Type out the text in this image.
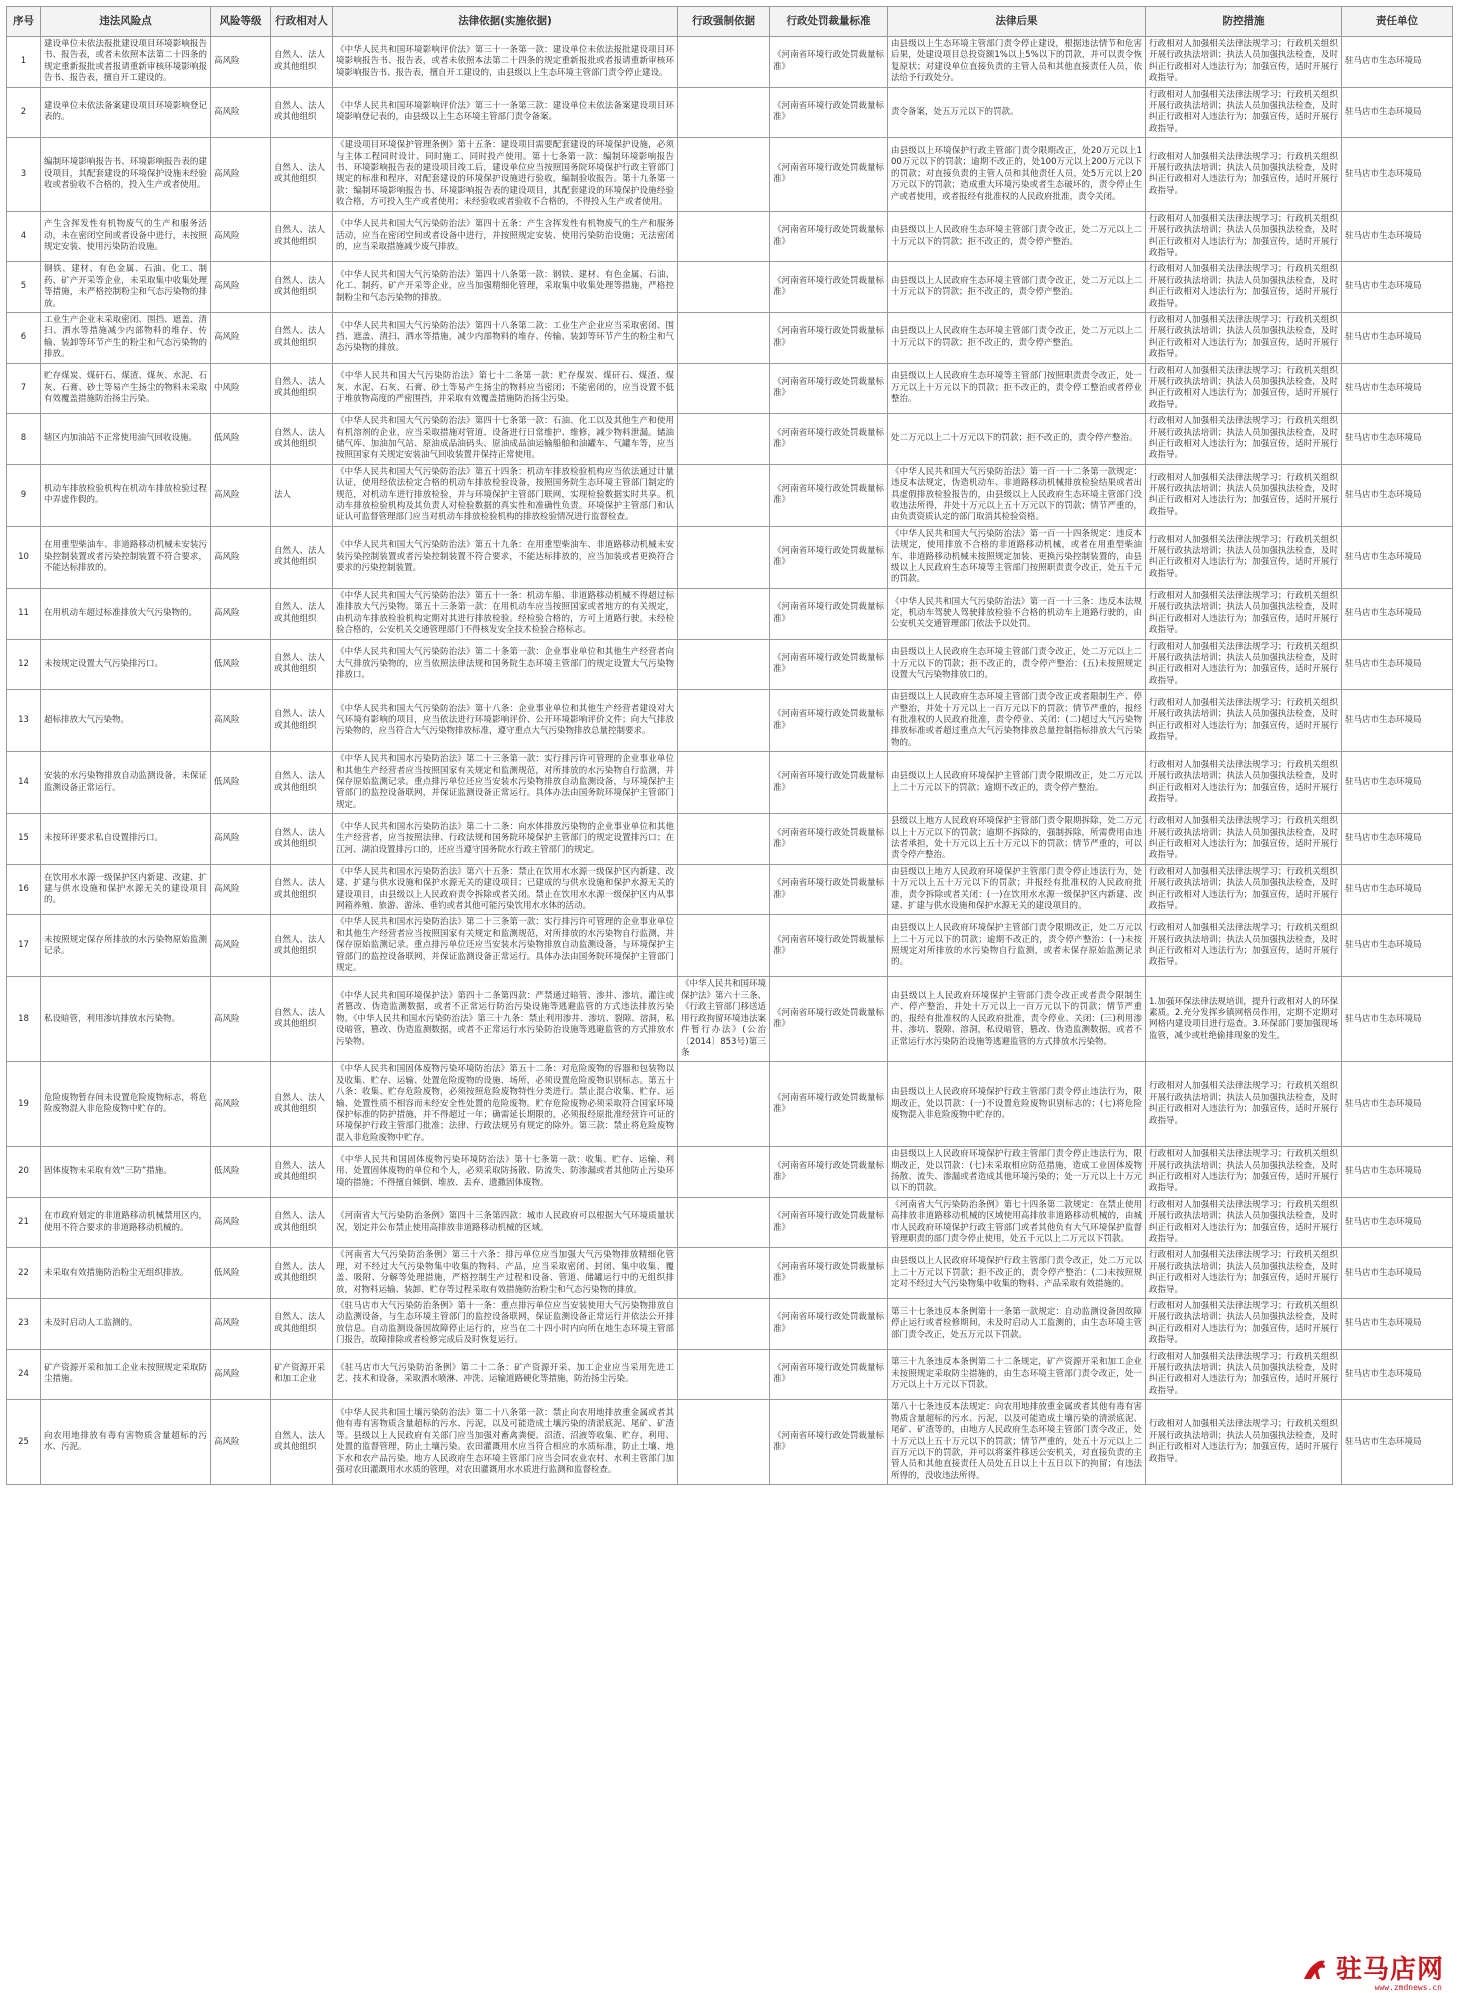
序号	违法风险点	风险等级	行政相对人	法律依据(实施依据)	行政强制依据	行政处罚裁量标准	法律后果	防控措施	责任单位
1	建设单位未依法报批建设项目环境影响报告书、报告表，或者未依照本法第二十四条的规定重新报批或者报请重新审核环境影响报告书、报告表，擅自开工建设的。	高风险	自然人、法人或其他组织	《中华人民共和国环境影响评价法》第三十一条第一款：建设单位未依法报批建设项目环境影响报告书、报告表，或者未依照本法第二十四条的规定重新报批或者报请重新审核环境影响报告书、报告表，擅自开工建设的，由县级以上生态环境主管部门责令停止建设。		《河南省环境行政处罚裁量标准》	由县级以上生态环境主管部门责令停止建设，根据违法情节和危害后果，处建设项目总投资额1%以上5%以下的罚款，并可以责令恢复原状；对建设单位直接负责的主管人员和其他直接责任人员，依法给予行政处分。	行政相对人加强相关法律法规学习；行政机关组织开展行政执法培训；执法人员加强执法检查，及时纠正行政相对人违法行为；加强宣传，适时开展行政指导。	驻马店市生态环境局
2	建设单位未依法备案建设项目环境影响登记表的。	高风险	自然人、法人或其他组织	《中华人民共和国环境影响评价法》第三十一条第三款：建设单位未依法备案建设项目环境影响登记表的，由县级以上生态环境主管部门责令备案。		《河南省环境行政处罚裁量标准》	责令备案，处五万元以下的罚款。	行政相对人加强相关法律法规学习；行政机关组织开展行政执法培训；执法人员加强执法检查，及时纠正行政相对人违法行为；加强宣传，适时开展行政指导。	驻马店市生态环境局
3	编制环境影响报告书、环境影响报告表的建设项目，其配套建设的环境保护设施未经验收或者验收不合格的，投入生产或者使用。	高风险	自然人、法人或其他组织	《建设项目环境保护管理条例》第十五条：建设项目需要配套建设的环境保护设施，必须与主体工程同时设计、同时施工、同时投产使用。第十七条第一款：编制环境影响报告书、环境影响报告表的建设项目竣工后，建设单位应当按照国务院环境保护行政主管部门规定的标准和程序，对配套建设的环境保护设施进行验收，编制验收报告。第十九条第一款：编制环境影响报告书、环境影响报告表的建设项目，其配套建设的环境保护设施经验收合格，方可投入生产或者使用；未经验收或者验收不合格的，不得投入生产或者使用。		《河南省环境行政处罚裁量标准》	由县级以上环境保护行政主管部门责令限期改正，处20万元以上100万元以下的罚款；逾期不改正的，处100万元以上200万元以下的罚款；对直接负责的主管人员和其他责任人员，处5万元以上20万元以下的罚款；造成重大环境污染或者生态破坏的，责令停止生产或者使用，或者报经有批准权的人民政府批准，责令关闭。	行政相对人加强相关法律法规学习；行政机关组织开展行政执法培训；执法人员加强执法检查，及时纠正行政相对人违法行为；加强宣传，适时开展行政指导。	驻马店市生态环境局
4	产生含挥发性有机物废气的生产和服务活动，未在密闭空间或者设备中进行，未按照规定安装、使用污染防治设施。	高风险	自然人、法人或其他组织	《中华人民共和国大气污染防治法》第四十五条：产生含挥发性有机物废气的生产和服务活动，应当在密闭空间或者设备中进行，并按照规定安装、使用污染防治设施；无法密闭的，应当采取措施减少废气排放。		《河南省环境行政处罚裁量标准》	由县级以上人民政府生态环境主管部门责令改正，处二万元以上二十万元以下的罚款；拒不改正的，责令停产整治。	行政相对人加强相关法律法规学习；行政机关组织开展行政执法培训；执法人员加强执法检查，及时纠正行政相对人违法行为；加强宣传，适时开展行政指导。	驻马店市生态环境局
5	钢铁、建材、有色金属、石油、化工、制药、矿产开采等企业，未采取集中收集处理等措施，未严格控制粉尘和气态污染物的排放。	高风险	自然人、法人或其他组织	《中华人民共和国大气污染防治法》第四十八条第一款：钢铁、建材、有色金属、石油、化工、制药、矿产开采等企业，应当加强精细化管理，采取集中收集处理等措施，严格控制粉尘和气态污染物的排放。		《河南省环境行政处罚裁量标准》	由县级以上人民政府生态环境主管部门责令改正，处二万元以上二十万元以下的罚款；拒不改正的，责令停产整治。	行政相对人加强相关法律法规学习；行政机关组织开展行政执法培训；执法人员加强执法检查，及时纠正行政相对人违法行为；加强宣传，适时开展行政指导。	驻马店市生态环境局
6	工业生产企业未采取密闭、围挡、遮盖、清扫、洒水等措施减少内部物料的堆存、传输、装卸等环节产生的粉尘和气态污染物的排放。	高风险	自然人、法人或其他组织	《中华人民共和国大气污染防治法》第四十八条第二款：工业生产企业应当采取密闭、围挡、遮盖、清扫、洒水等措施，减少内部物料的堆存、传输、装卸等环节产生的粉尘和气态污染物的排放。		《河南省环境行政处罚裁量标准》	由县级以上人民政府生态环境主管部门责令改正，处二万元以上二十万元以下的罚款；拒不改正的，责令停产整治。	行政相对人加强相关法律法规学习；行政机关组织开展行政执法培训；执法人员加强执法检查，及时纠正行政相对人违法行为；加强宣传，适时开展行政指导。	驻马店市生态环境局
7	贮存煤炭、煤矸石、煤渣、煤灰、水泥、石灰、石膏、砂土等易产生扬尘的物料未采取有效覆盖措施防治扬尘污染。	中风险	自然人、法人或其他组织	《中华人民共和国大气污染防治法》第七十二条第一款：贮存煤炭、煤矸石、煤渣、煤灰、水泥、石灰、石膏、砂土等易产生扬尘的物料应当密闭；不能密闭的，应当设置不低于堆放物高度的严密围挡，并采取有效覆盖措施防治扬尘污染。		《河南省环境行政处罚裁量标准》	由县级以上人民政府生态环境等主管部门按照职责责令改正，处一万元以上十万元以下的罚款；拒不改正的，责令停工整治或者停业整治。	行政相对人加强相关法律法规学习；行政机关组织开展行政执法培训；执法人员加强执法检查，及时纠正行政相对人违法行为；加强宣传，适时开展行政指导。	驻马店市生态环境局
8	辖区内加油站不正常使用油气回收设施。	低风险	自然人、法人或其他组织	《中华人民共和国大气污染防治法》第四十七条第一款：石油、化工以及其他生产和使用有机溶剂的企业，应当采取措施对管道、设备进行日常维护、维修，减少物料泄漏。储油储气库、加油加气站、原油成品油码头、原油成品油运输船舶和油罐车、气罐车等，应当按照国家有关规定安装油气回收装置并保持正常使用。		《河南省环境行政处罚裁量标准》	处二万元以上二十万元以下的罚款；拒不改正的，责令停产整治。	行政相对人加强相关法律法规学习；行政机关组织开展行政执法培训；执法人员加强执法检查，及时纠正行政相对人违法行为；加强宣传，适时开展行政指导。	驻马店市生态环境局
9	机动车排放检验机构在机动车排放检验过程中弄虚作假的。	高风险	法人	《中华人民共和国大气污染防治法》第五十四条：机动车排放检验机构应当依法通过计量认证，使用经依法检定合格的机动车排放检验设备，按照国务院生态环境主管部门制定的规范，对机动车进行排放检验，并与环境保护主管部门联网，实现检验数据实时共享。机动车排放检验机构及其负责人对检验数据的真实性和准确性负责。环境保护主管部门和认证认可监督管理部门应当对机动车排放检验机构的排放检验情况进行监督检查。		《河南省环境行政处罚裁量标准》	《中华人民共和国大气污染防治法》第一百一十二条第一款规定：违反本法规定，伪造机动车、非道路移动机械排放检验结果或者出具虚假排放检验报告的，由县级以上人民政府生态环境主管部门没收违法所得，并处十万元以上五十万元以下的罚款；情节严重的，由负责资质认定的部门取消其检验资格。	行政相对人加强相关法律法规学习；行政机关组织开展行政执法培训；执法人员加强执法检查，及时纠正行政相对人违法行为；加强宣传，适时开展行政指导。	驻马店市生态环境局
10	在用重型柴油车、非道路移动机械未安装污染控制装置或者污染控制装置不符合要求，不能达标排放的。	高风险	自然人、法人或其他组织	《中华人民共和国大气污染防治法》第五十九条：在用重型柴油车、非道路移动机械未安装污染控制装置或者污染控制装置不符合要求，不能达标排放的，应当加装或者更换符合要求的污染控制装置。		《河南省环境行政处罚裁量标准》	《中华人民共和国大气污染防治法》第一百一十四条规定：违反本法规定，使用排放不合格的非道路移动机械，或者在用重型柴油车、非道路移动机械未按照规定加装、更换污染控制装置的，由县级以上人民政府生态环境等主管部门按照职责责令改正，处五千元的罚款。	行政相对人加强相关法律法规学习；行政机关组织开展行政执法培训；执法人员加强执法检查，及时纠正行政相对人违法行为；加强宣传，适时开展行政指导。	驻马店市生态环境局
11	在用机动车超过标准排放大气污染物的。	高风险	自然人、法人或其他组织	《中华人民共和国大气污染防治法》第五十一条：机动车船、非道路移动机械不得超过标准排放大气污染物。第五十三条第一款：在用机动车应当按照国家或者地方的有关规定，由机动车排放检验机构定期对其进行排放检验。经检验合格的，方可上道路行驶。未经检验合格的，公安机关交通管理部门不得核发安全技术检验合格标志。		《河南省环境行政处罚裁量标准》	《中华人民共和国大气污染防治法》第一百一十三条：违反本法规定，机动车驾驶人驾驶排放检验不合格的机动车上道路行驶的，由公安机关交通管理部门依法予以处罚。	行政相对人加强相关法律法规学习；行政机关组织开展行政执法培训；执法人员加强执法检查，及时纠正行政相对人违法行为；加强宣传，适时开展行政指导。	驻马店市生态环境局
12	未按规定设置大气污染排污口。	低风险	自然人、法人或其他组织	《中华人民共和国大气污染防治法》第二十条第一款：企业事业单位和其他生产经营者向大气排放污染物的，应当依照法律法规和国务院生态环境主管部门的规定设置大气污染物排放口。		《河南省环境行政处罚裁量标准》	由县级以上人民政府生态环境主管部门责令改正，处二万元以上二十万元以下的罚款；拒不改正的，责令停产整治：(五)未按照规定设置大气污染物排放口的。	行政相对人加强相关法律法规学习；行政机关组织开展行政执法培训；执法人员加强执法检查，及时纠正行政相对人违法行为；加强宣传，适时开展行政指导。	驻马店市生态环境局
13	超标排放大气污染物。	高风险	自然人、法人或其他组织	《中华人民共和国大气污染防治法》第十八条：企业事业单位和其他生产经营者建设对大气环境有影响的项目，应当依法进行环境影响评价、公开环境影响评价文件；向大气排放污染物的，应当符合大气污染物排放标准，遵守重点大气污染物排放总量控制要求。		《河南省环境行政处罚裁量标准》	由县级以上人民政府生态环境主管部门责令改正或者限制生产、停产整治，并处十万元以上一百万元以下的罚款；情节严重的，报经有批准权的人民政府批准，责令停业、关闭：(二)超过大气污染物排放标准或者超过重点大气污染物排放总量控制指标排放大气污染物的。	行政相对人加强相关法律法规学习；行政机关组织开展行政执法培训；执法人员加强执法检查，及时纠正行政相对人违法行为；加强宣传，适时开展行政指导。	驻马店市生态环境局
14	安装的水污染物排放自动监测设备，未保证监测设备正常运行。	低风险	自然人、法人或其他组织	《中华人民共和国水污染防治法》第二十三条第一款：实行排污许可管理的企业事业单位和其他生产经营者应当按照国家有关规定和监测规范，对所排放的水污染物自行监测，并保存原始监测记录。重点排污单位还应当安装水污染物排放自动监测设备，与环境保护主管部门的监控设备联网，并保证监测设备正常运行。具体办法由国务院环境保护主管部门规定。		《河南省环境行政处罚裁量标准》	由县级以上人民政府环境保护主管部门责令限期改正，处二万元以上二十万元以下的罚款；逾期不改正的，责令停产整治。	行政相对人加强相关法律法规学习；行政机关组织开展行政执法培训；执法人员加强执法检查，及时纠正行政相对人违法行为；加强宣传，适时开展行政指导。	驻马店市生态环境局
15	未按环评要求私自设置排污口。	高风险	自然人、法人或其他组织	《中华人民共和国水污染防治法》第二十二条：向水体排放污染物的企业事业单位和其他生产经营者，应当按照法律、行政法规和国务院环境保护主管部门的规定设置排污口；在江河、湖泊设置排污口的，还应当遵守国务院水行政主管部门的规定。		《河南省环境行政处罚裁量标准》	县级以上地方人民政府环境保护主管部门责令限期拆除，处二万元以上十万元以下的罚款；逾期不拆除的，强制拆除，所需费用由违法者承担，处十万元以上五十万元以下的罚款；情节严重的，可以责令停产整治。	行政相对人加强相关法律法规学习；行政机关组织开展行政执法培训；执法人员加强执法检查，及时纠正行政相对人违法行为；加强宣传，适时开展行政指导。	驻马店市生态环境局
16	在饮用水水源一级保护区内新建、改建、扩建与供水设施和保护水源无关的建设项目的。	高风险	自然人、法人或其他组织	《中华人民共和国水污染防治法》第六十五条：禁止在饮用水水源一级保护区内新建、改建、扩建与供水设施和保护水源无关的建设项目；已建成的与供水设施和保护水源无关的建设项目，由县级以上人民政府责令拆除或者关闭。禁止在饮用水水源一级保护区内从事网箱养殖、旅游、游泳、垂钓或者其他可能污染饮用水水体的活动。		《河南省环境行政处罚裁量标准》	由县级以上地方人民政府环境保护主管部门责令停止违法行为，处十万元以上五十万元以下的罚款；并报经有批准权的人民政府批准，责令拆除或者关闭：(一)在饮用水水源一级保护区内新建、改建、扩建与供水设施和保护水源无关的建设项目的。	行政相对人加强相关法律法规学习；行政机关组织开展行政执法培训；执法人员加强执法检查，及时纠正行政相对人违法行为；加强宣传，适时开展行政指导。	驻马店市生态环境局
17	未按照规定保存所排放的水污染物原始监测记录。	高风险	自然人、法人或其他组织	《中华人民共和国水污染防治法》第二十三条第一款：实行排污许可管理的企业事业单位和其他生产经营者应当按照国家有关规定和监测规范，对所排放的水污染物自行监测，并保存原始监测记录。重点排污单位还应当安装水污染物排放自动监测设备，与环境保护主管部门的监控设备联网，并保证监测设备正常运行。具体办法由国务院环境保护主管部门规定。		《河南省环境行政处罚裁量标准》	由县级以上人民政府环境保护主管部门责令限期改正，处二万元以上二十万元以下的罚款；逾期不改正的，责令停产整治：(一)未按照规定对所排放的水污染物自行监测，或者未保存原始监测记录的。	行政相对人加强相关法律法规学习；行政机关组织开展行政执法培训；执法人员加强执法检查，及时纠正行政相对人违法行为；加强宣传，适时开展行政指导。	驻马店市生态环境局
18	私设暗管，利用渗坑排放水污染物。	高风险	自然人、法人或其他组织	《中华人民共和国环境保护法》第四十二条第四款：严禁通过暗管、渗井、渗坑、灌注或者篡改、伪造监测数据，或者不正常运行防治污染设施等逃避监管的方式违法排放污染物。《中华人民共和国水污染防治法》第三十九条：禁止利用渗井、渗坑、裂隙、溶洞，私设暗管，篡改、伪造监测数据，或者不正常运行水污染防治设施等逃避监管的方式排放水污染物。	《中华人民共和国环境保护法》第六十三条、《行政主管部门移送适用行政拘留环境违法案件暂行办法》(公治〔2014〕853号)第三条	《河南省环境行政处罚裁量标准》	由县级以上人民政府环境保护主管部门责令改正或者责令限制生产、停产整治，并处十万元以上一百万元以下的罚款；情节严重的，报经有批准权的人民政府批准，责令停业、关闭：(三)利用渗井、渗坑、裂隙、溶洞，私设暗管，篡改、伪造监测数据，或者不正常运行水污染防治设施等逃避监管的方式排放水污染物。	1.加强环保法律法规培训，提升行政相对人的环保素质。2.充分发挥乡镇网格员作用，定期不定期对网格内建设项目进行巡查。3.环保部门要加强现场监管，减少或杜绝偷排现象的发生。	驻马店市生态环境局
19	危险废物暂存间未设置危险废物标志，将危险废物混入非危险废物中贮存的。	高风险	自然人、法人或其他组织	《中华人民共和国固体废物污染环境防治法》第五十二条：对危险废物的容器和包装物以及收集、贮存、运输、处置危险废物的设施、场所，必须设置危险废物识别标志。第五十八条：收集、贮存危险废物，必须按照危险废物特性分类进行。禁止混合收集、贮存、运输、处置性质不相容而未经安全性处置的危险废物。贮存危险废物必须采取符合国家环境保护标准的防护措施，并不得超过一年；确需延长期限的，必须报经原批准经营许可证的环境保护行政主管部门批准；法律、行政法规另有规定的除外。第三款：禁止将危险废物混入非危险废物中贮存。		《河南省环境行政处罚裁量标准》	由县级以上人民政府环境保护行政主管部门责令停止违法行为，限期改正，处以罚款：(一)不设置危险废物识别标志的；(七)将危险废物混入非危险废物中贮存的。	行政相对人加强相关法律法规学习；行政机关组织开展行政执法培训；执法人员加强执法检查，及时纠正行政相对人违法行为；加强宣传，适时开展行政指导。	驻马店市生态环境局
20	固体废物未采取有效“三防”措施。	低风险	自然人、法人或其他组织	《中华人民共和国固体废物污染环境防治法》第十七条第一款：收集、贮存、运输、利用、处置固体废物的单位和个人，必须采取防扬散、防流失、防渗漏或者其他防止污染环境的措施；不得擅自倾倒、堆放、丢弃、遗撒固体废物。		《河南省环境行政处罚裁量标准》	由县级以上人民政府环境保护行政主管部门责令停止违法行为，限期改正，处以罚款：(七)未采取相应防范措施，造成工业固体废物扬散、流失、渗漏或者造成其他环境污染的；处一万元以上十万元以下的罚款。	行政相对人加强相关法律法规学习；行政机关组织开展行政执法培训；执法人员加强执法检查，及时纠正行政相对人违法行为；加强宣传，适时开展行政指导。	驻马店市生态环境局
21	在市政府划定的非道路移动机械禁用区内，使用不符合要求的非道路移动机械的。	高风险	自然人、法人或其他组织	《河南省大气污染防治条例》第四十三条第四款：城市人民政府可以根据大气环境质量状况，划定并公布禁止使用高排放非道路移动机械的区域。		《河南省环境行政处罚裁量标准》	《河南省大气污染防治条例》第七十四条第二款规定：在禁止使用高排放非道路移动机械的区域使用高排放非道路移动机械的，由城市人民政府环境保护行政主管部门或者其他负有大气环境保护监督管理职责的部门责令停止使用，处五千元以上二万元以下罚款。	行政相对人加强相关法律法规学习；行政机关组织开展行政执法培训；执法人员加强执法检查，及时纠正行政相对人违法行为；加强宣传，适时开展行政指导。	驻马店市生态环境局
22	未采取有效措施防治粉尘无组织排放。	低风险	自然人、法人或其他组织	《河南省大气污染防治条例》第三十六条：排污单位应当加强大气污染物排放精细化管理，对不经过大气污染物集中收集的物料、产品，应当采取密闭、封闭、集中收集、覆盖、吸附、分解等处理措施，严格控制生产过程和设备、管道、储罐运行中的无组织排放，对物料运输、装卸、贮存等过程采取有效措施防治粉尘和气态污染物的排放。		《河南省环境行政处罚裁量标准》	由县级以上人民政府环境保护行政主管部门责令改正，处二万元以上二十万元以下罚款；拒不改正的，责令停产整治：(二)未按照规定对不经过大气污染物集中收集的物料、产品采取有效措施的。	行政相对人加强相关法律法规学习；行政机关组织开展行政执法培训；执法人员加强执法检查，及时纠正行政相对人违法行为；加强宣传，适时开展行政指导。	驻马店市生态环境局
23	未及时启动人工监测的。	高风险	自然人、法人或其他组织	《驻马店市大气污染防治条例》第十一条：重点排污单位应当安装使用大气污染物排放自动监测设备，与生态环境主管部门的监控设备联网，保证监测设备正常运行并依法公开排放信息。自动监测设备因故障停止运行的，应当在二十四小时内向所在地生态环境主管部门报告，故障排除或者检修完成后及时恢复运行。		《河南省环境行政处罚裁量标准》	第三十七条违反本条例第十一条第一款规定：自动监测设备因故障停止运行或者检修期间，未及时启动人工监测的，由生态环境主管部门责令改正，处五万元以下罚款。	行政相对人加强相关法律法规学习；行政机关组织开展行政执法培训；执法人员加强执法检查，及时纠正行政相对人违法行为；加强宣传，适时开展行政指导。	驻马店市生态环境局
24	矿产资源开采和加工企业未按照规定采取防尘措施。	高风险	矿产资源开采和加工企业	《驻马店市大气污染防治条例》第二十二条：矿产资源开采、加工企业应当采用先进工艺、技术和设备，采取洒水喷淋、冲洗、运输道路硬化等措施，防治扬尘污染。		《河南省环境行政处罚裁量标准》	第三十九条违反本条例第二十二条规定，矿产资源开采和加工企业未按照规定采取防尘措施的，由生态环境主管部门责令改正，处一万元以上十万元以下罚款。	行政相对人加强相关法律法规学习；行政机关组织开展行政执法培训；执法人员加强执法检查，及时纠正行政相对人违法行为；加强宣传，适时开展行政指导。	驻马店市生态环境局
25	向农用地排放有毒有害物质含量超标的污水、污泥。	高风险	自然人、法人或其他组织	《中华人民共和国土壤污染防治法》第二十八条第一款：禁止向农用地排放重金属或者其他有毒有害物质含量超标的污水、污泥，以及可能造成土壤污染的清淤底泥、尾矿、矿渣等。县级以上人民政府有关部门应当加强对畜禽粪便、沼渣、沼液等收集、贮存、利用、处置的监督管理，防止土壤污染。农田灌溉用水应当符合相应的水质标准，防止土壤、地下水和农产品污染。地方人民政府生态环境主管部门应当会同农业农村、水利主管部门加强对农田灌溉用水水质的管理，对农田灌溉用水水质进行监测和监督检查。		《河南省环境行政处罚裁量标准》	第八十七条违反本法规定：向农用地排放重金属或者其他有毒有害物质含量超标的污水、污泥，以及可能造成土壤污染的清淤底泥、尾矿、矿渣等的，由地方人民政府生态环境主管部门责令改正，处十万元以上五十万元以下的罚款；情节严重的，处五十万元以上二百万元以下的罚款，并可以将案件移送公安机关，对直接负责的主管人员和其他直接责任人员处五日以上十五日以下的拘留；有违法所得的，没收违法所得。	行政相对人加强相关法律法规学习；行政机关组织开展行政执法培训；执法人员加强执法检查，及时纠正行政相对人违法行为；加强宣传，适时开展行政指导。	驻马店市生态环境局
驻马店网
www.zmdnews.cn
